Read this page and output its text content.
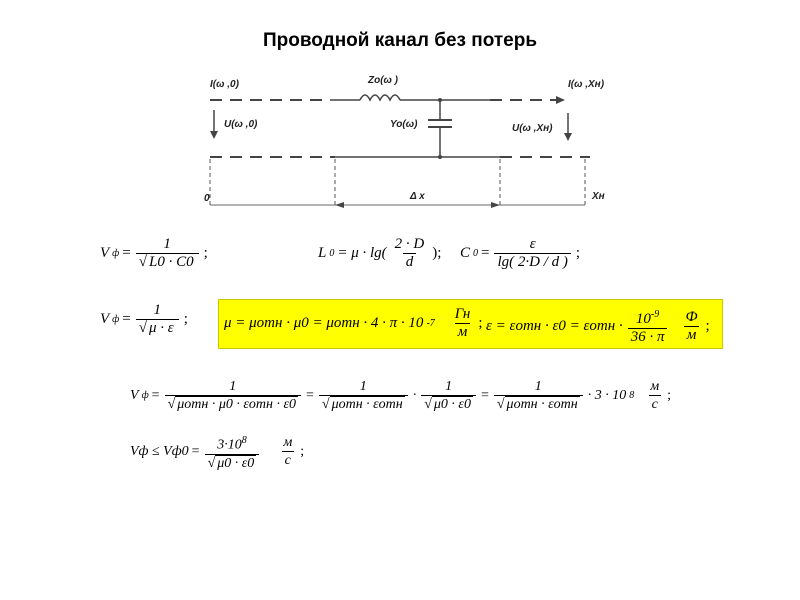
Проводной канал без потерь
I(ω ,0)	I(ω ,Xн)
U(ω ,0)	U(ω ,Xн)
Zo(ω )
Yo(ω)
0	Xн
Δ x
V ф = 1
√ L0 · C0 ;	L $0 = \mu \cdot \lg( \frac{2 \cdot D}{d}$ ); C $0 = \frac{\varepsilon}{\lg( 2\cdot D / d )}$ ;
V ф = 1
√ μ · ε ; μ = μотн · μ0 = μотн · 4 · π · 10 $-7 \frac{Гн}{м}$ ; $\varepsilon = \varepsilon отн \cdot \varepsilon 0 = \varepsilon отн \cdot \frac{10^{-9}}{36 \cdot \pi} \frac{Ф}{м}$ ;
V ф = 1
√ μотн · μ0 · εотн · ε0 = 1
√ μотн · εотн · 1
√ μ0 · ε0 = 1
√ μотн · εотн · 3 · 10 $8 \frac{м}{с}$ ;
Vф ≤ $Vф0 = 3\cdot 10^8$
√ $\mu 0 \cdot \varepsilon 0 \frac{м}{с}$ ;
